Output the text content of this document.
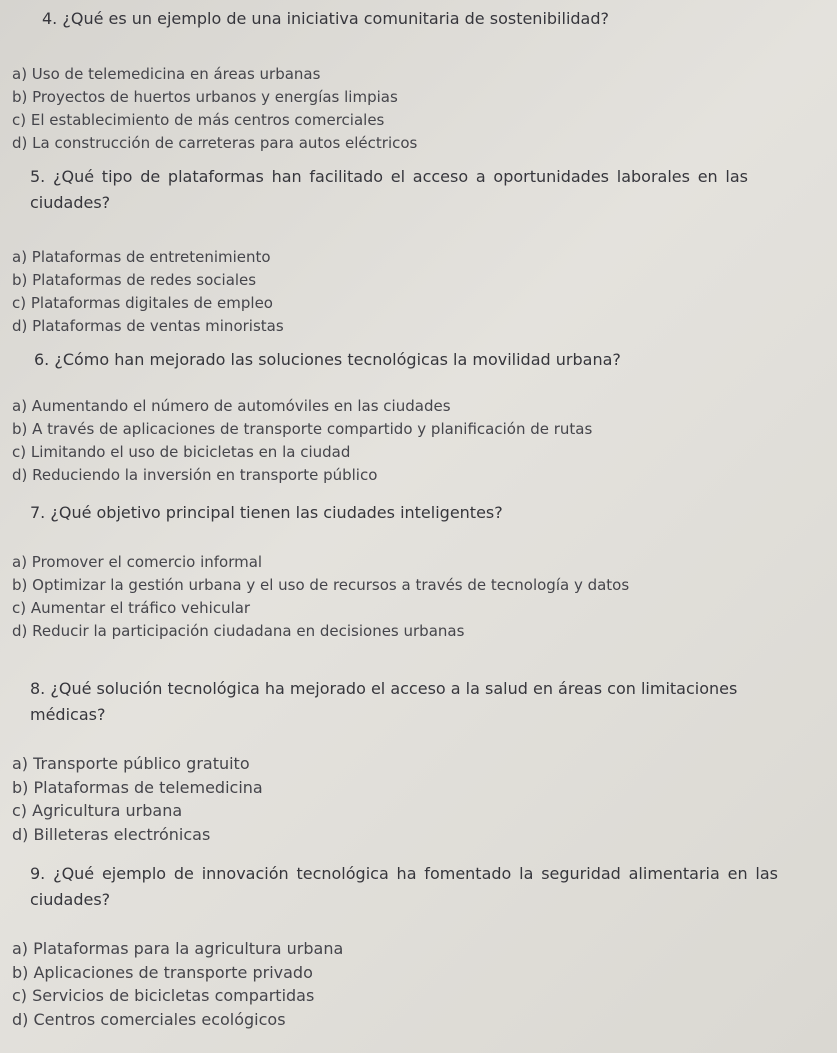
4. ¿Qué es un ejemplo de una iniciativa comunitaria de sostenibilidad?
a) Uso de telemedicina en áreas urbanas
b) Proyectos de huertos urbanos y energías limpias
c) El establecimiento de más centros comerciales
d) La construcción de carreteras para autos eléctricos
5. ¿Qué tipo de plataformas han facilitado el acceso a oportunidades laborales en las ciudades?
a) Plataformas de entretenimiento
b) Plataformas de redes sociales
c) Plataformas digitales de empleo
d) Plataformas de ventas minoristas
6. ¿Cómo han mejorado las soluciones tecnológicas la movilidad urbana?
a) Aumentando el número de automóviles en las ciudades
b) A través de aplicaciones de transporte compartido y planificación de rutas
c) Limitando el uso de bicicletas en la ciudad
d) Reduciendo la inversión en transporte público
7. ¿Qué objetivo principal tienen las ciudades inteligentes?
a) Promover el comercio informal
b) Optimizar la gestión urbana y el uso de recursos a través de tecnología y datos
c) Aumentar el tráfico vehicular
d) Reducir la participación ciudadana en decisiones urbanas
8. ¿Qué solución tecnológica ha mejorado el acceso a la salud en áreas con limitaciones médicas?
a) Transporte público gratuito
b) Plataformas de telemedicina
c) Agricultura urbana
d) Billeteras electrónicas
9. ¿Qué ejemplo de innovación tecnológica ha fomentado la seguridad alimentaria en las ciudades?
a) Plataformas para la agricultura urbana
b) Aplicaciones de transporte privado
c) Servicios de bicicletas compartidas
d) Centros comerciales ecológicos
